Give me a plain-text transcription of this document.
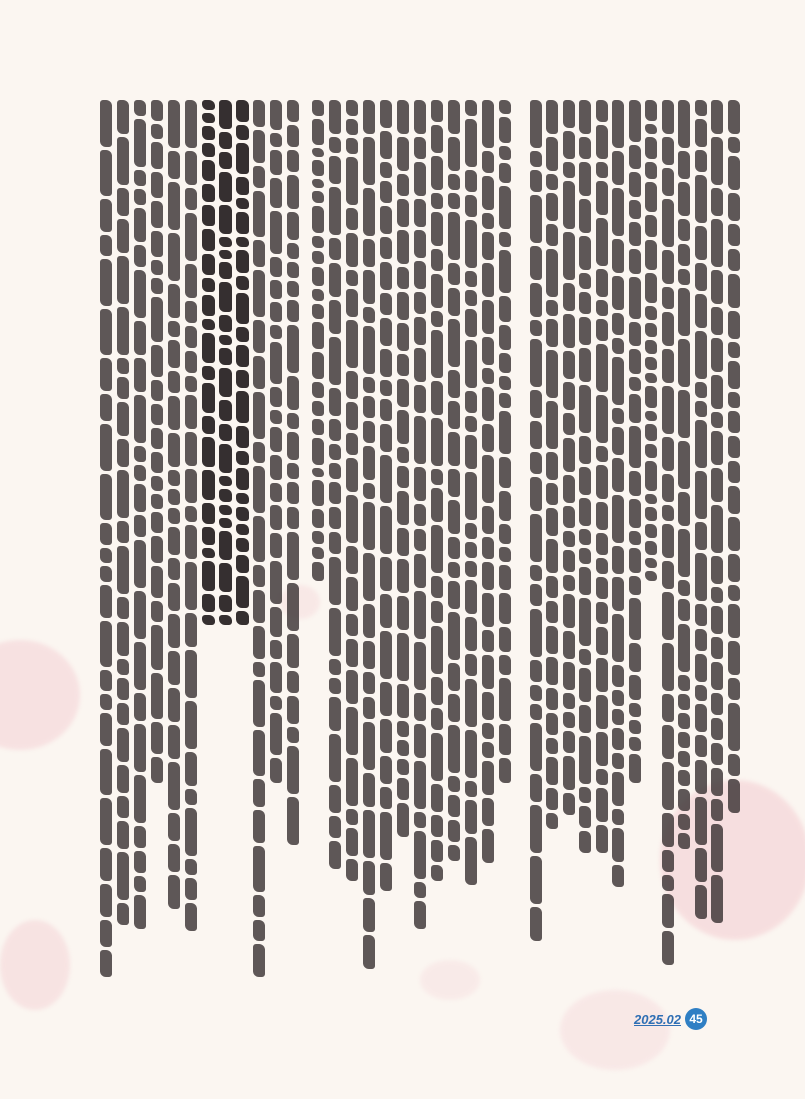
2025.02 45
